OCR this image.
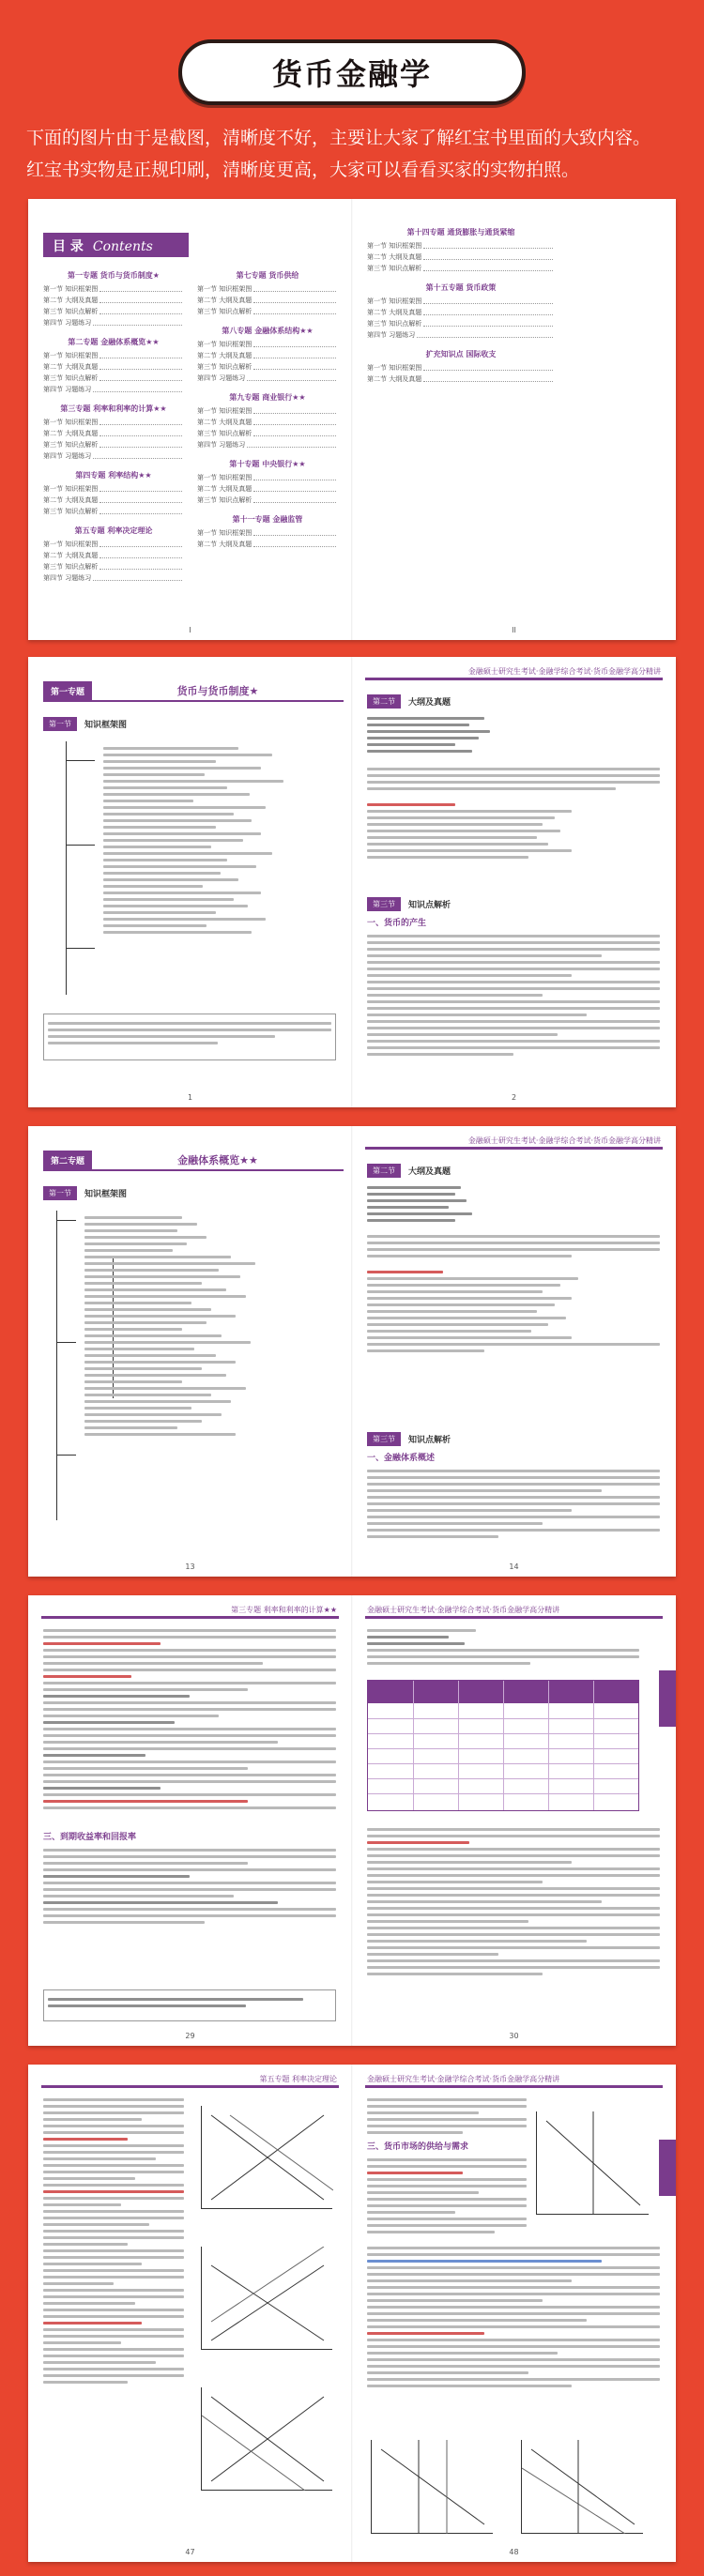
货币金融学
下面的图片由于是截图，清晰度不好，主要让大家了解红宝书里面的大致内容。
红宝书实物是正规印刷，清晰度更高，大家可以看看买家的实物拍照。
目 录 Contents
第一专题 货币与货币制度★
第一节 知识框架图
第二节 大纲及真题
第三节 知识点解析
第四节 习题练习
第二专题 金融体系概览★★
第一节 知识框架图
第二节 大纲及真题
第三节 知识点解析
第四节 习题练习
第三专题 利率和利率的计算★★
第一节 知识框架图
第二节 大纲及真题
第三节 知识点解析
第四节 习题练习
第四专题 利率结构★★
第一节 知识框架图
第二节 大纲及真题
第三节 知识点解析
第五专题 利率决定理论
第一节 知识框架图
第二节 大纲及真题
第三节 知识点解析
第四节 习题练习
第七专题 货币供给
第一节 知识框架图
第二节 大纲及真题
第三节 知识点解析
第八专题 金融体系结构★★
第一节 知识框架图
第二节 大纲及真题
第三节 知识点解析
第四节 习题练习
第九专题 商业银行★★
第一节 知识框架图
第二节 大纲及真题
第三节 知识点解析
第四节 习题练习
第十专题 中央银行★★
第一节 知识框架图
第二节 大纲及真题
第三节 知识点解析
第十一专题 金融监管
第一节 知识框架图
第二节 大纲及真题
I
第十四专题 通货膨胀与通货紧缩
第一节 知识框架图
第二节 大纲及真题
第三节 知识点解析
第十五专题 货币政策
第一节 知识框架图
第二节 大纲及真题
第三节 知识点解析
第四节 习题练习
扩充知识点 国际收支
第一节 知识框架图
第二节 大纲及真题
II
第一专题	货币与货币制度★
第一节	知识框架图
1
金融硕士研究生考试·金融学综合考试·货币金融学高分精讲
第二节	大纲及真题
第三节	知识点解析
一、货币的产生
2
第二专题	金融体系概览★★
第一节	知识框架图
13
金融硕士研究生考试·金融学综合考试·货币金融学高分精讲
第二节	大纲及真题
第三节	知识点解析
一、金融体系概述
14
第三专题 利率和利率的计算★★
三、到期收益率和回报率
29
金融硕士研究生考试·金融学综合考试·货币金融学高分精讲
30
第五专题 利率决定理论
47
金融硕士研究生考试·金融学综合考试·货币金融学高分精讲
三、货币市场的供给与需求
48
